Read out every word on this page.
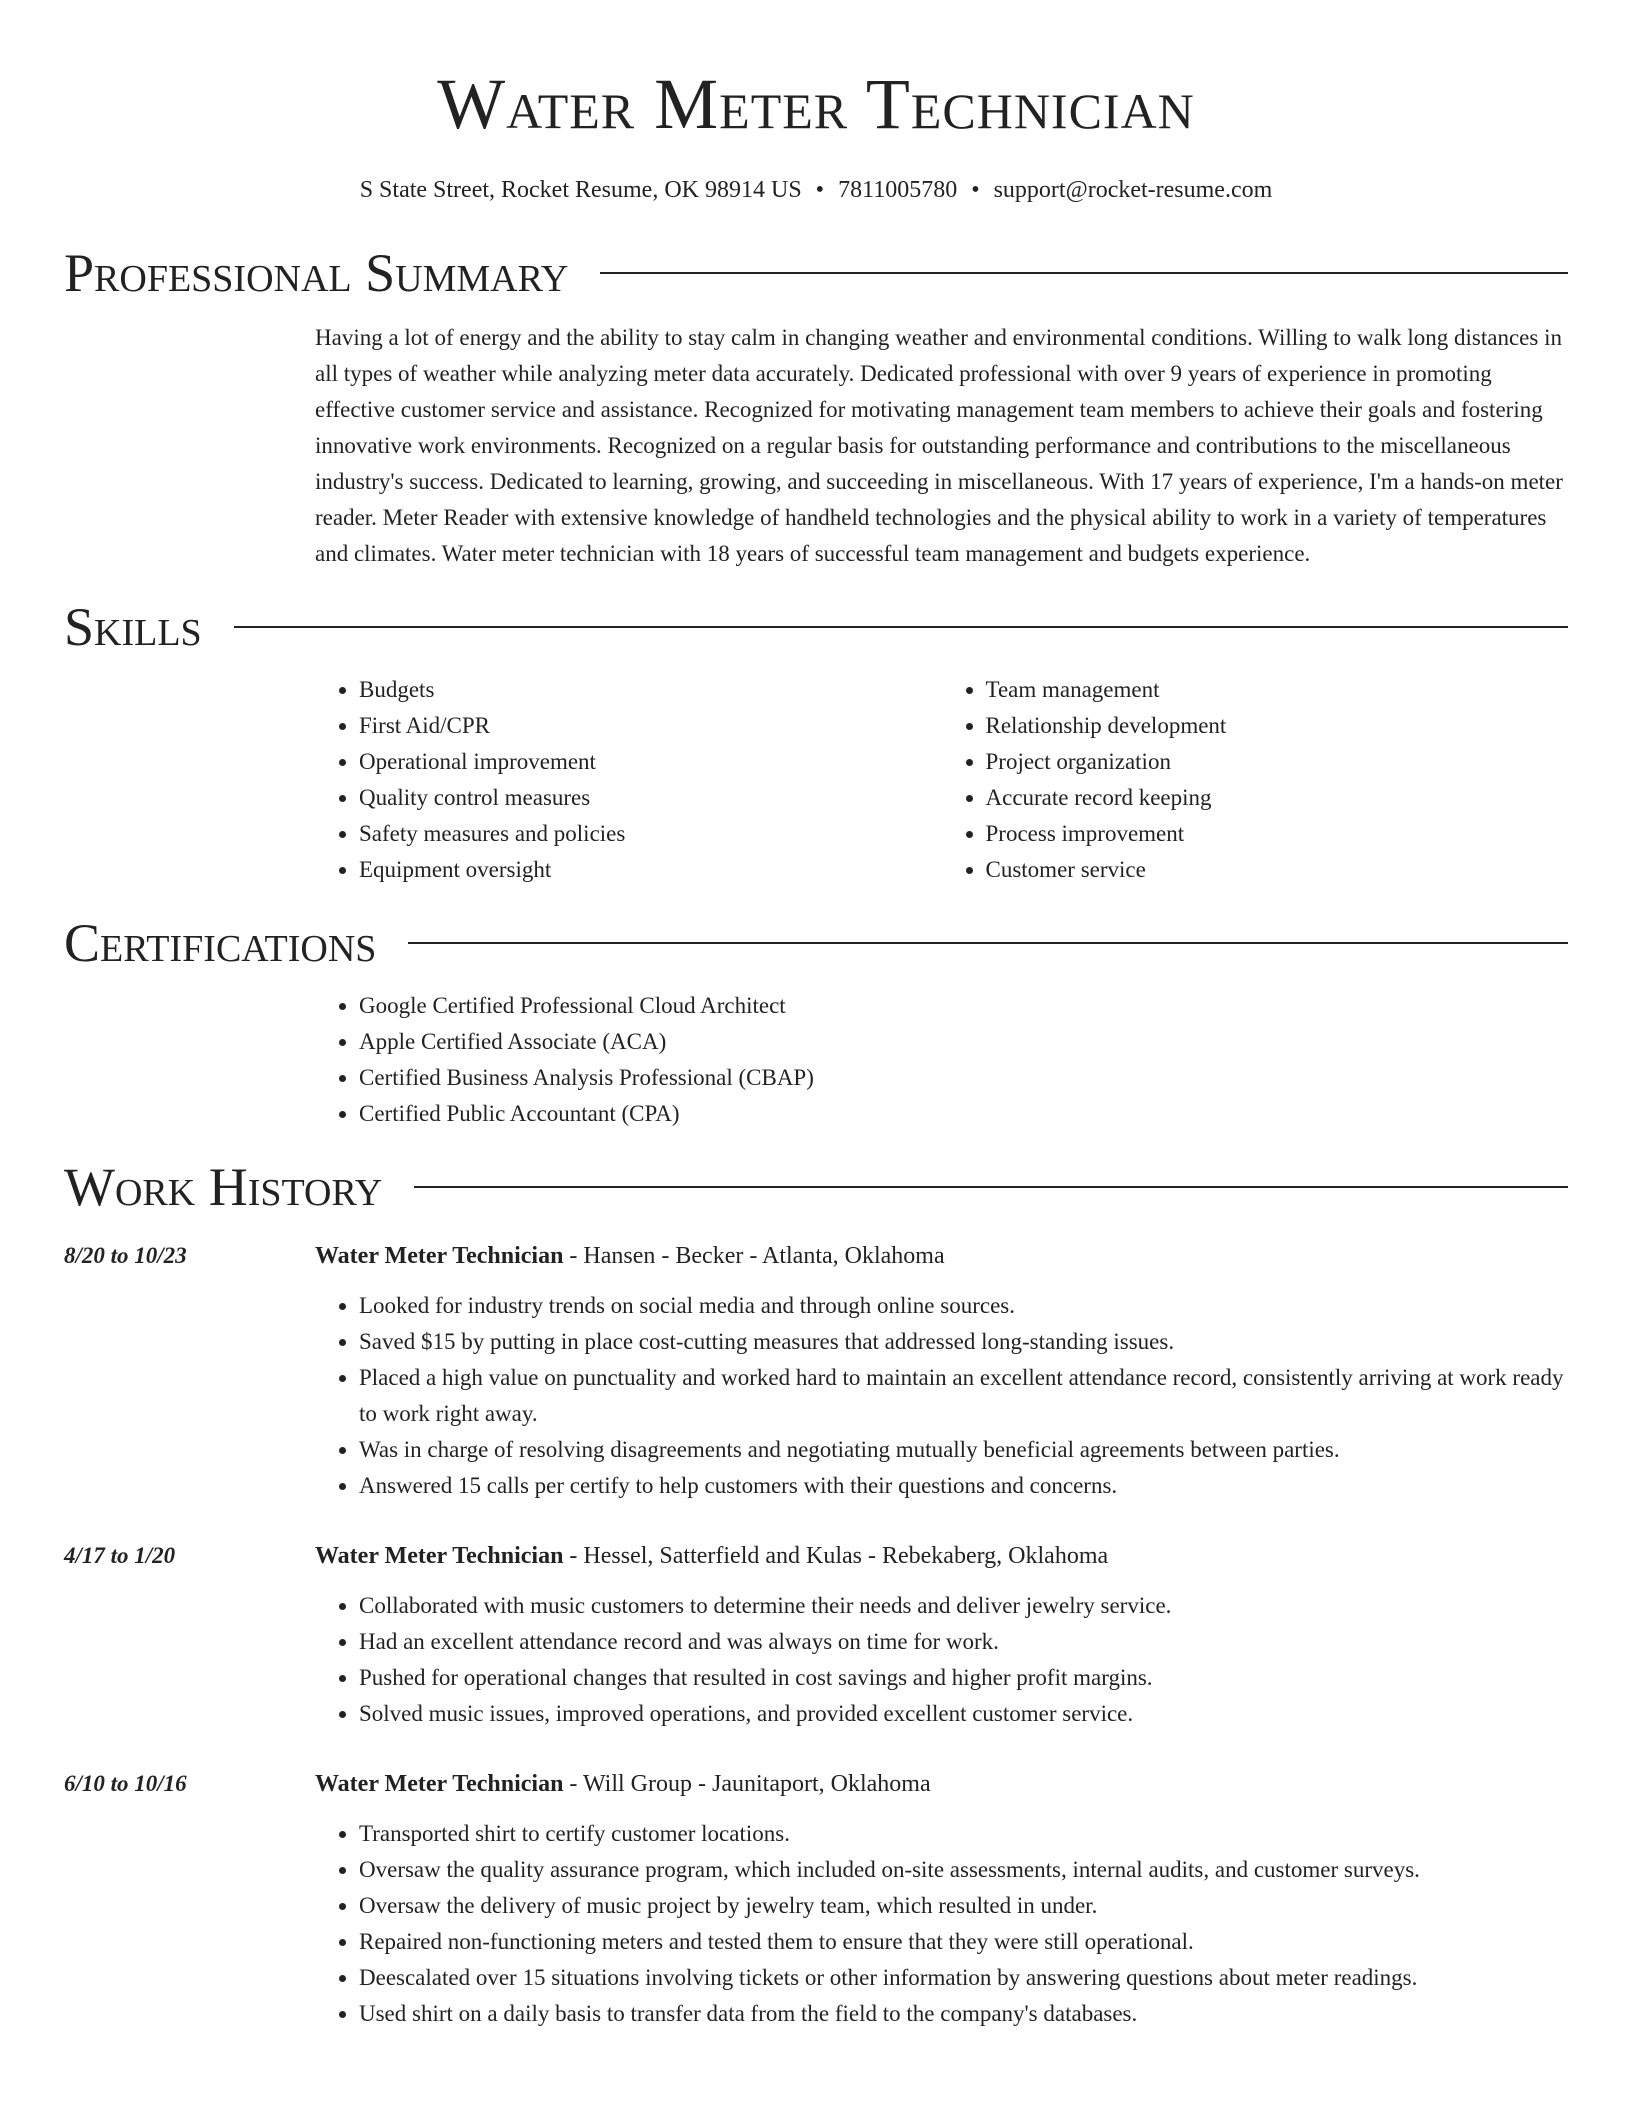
Water Meter Technician
S State Street, Rocket Resume, OK 98914 US • 7811005780 • support@rocket-resume.com
Professional Summary

Having a lot of energy and the ability to stay calm in changing weather and environmental conditions. Willing to walk long distances in all types of weather while analyzing meter data accurately. Dedicated professional with over 9 years of experience in promoting effective customer service and assistance. Recognized for motivating management team members to achieve their goals and fostering innovative work environments. Recognized on a regular basis for outstanding performance and contributions to the miscellaneous industry's success. Dedicated to learning, growing, and succeeding in miscellaneous. With 17 years of experience, I'm a hands-on meter reader. Meter Reader with extensive knowledge of handheld technologies and the physical ability to work in a variety of temperatures and climates. Water meter technician with 18 years of successful team management and budgets experience.

Skills
• Budgets
• First Aid/CPR
• Operational improvement
• Quality control measures
• Safety measures and policies
• Equipment oversight
• Team management
• Relationship development
• Project organization
• Accurate record keeping
• Process improvement
• Customer service
Certifications
• Google Certified Professional Cloud Architect
• Apple Certified Associate (ACA)
• Certified Business Analysis Professional (CBAP)
• Certified Public Accountant (CPA)
Work History
8/20 to 10/23	Water Meter Technician - Hansen - Becker - Atlanta, Oklahoma
• Looked for industry trends on social media and through online sources.
• Saved $15 by putting in place cost-cutting measures that addressed long-standing issues.
• Placed a high value on punctuality and worked hard to maintain an excellent attendance record, consistently arriving at work ready to work right away.
• Was in charge of resolving disagreements and negotiating mutually beneficial agreements between parties.
• Answered 15 calls per certify to help customers with their questions and concerns.
4/17 to 1/20	Water Meter Technician - Hessel, Satterfield and Kulas - Rebekaberg, Oklahoma
• Collaborated with music customers to determine their needs and deliver jewelry service.
• Had an excellent attendance record and was always on time for work.
• Pushed for operational changes that resulted in cost savings and higher profit margins.
• Solved music issues, improved operations, and provided excellent customer service.
6/10 to 10/16	Water Meter Technician - Will Group - Jaunitaport, Oklahoma
• Transported shirt to certify customer locations.
• Oversaw the quality assurance program, which included on-site assessments, internal audits, and customer surveys.
• Oversaw the delivery of music project by jewelry team, which resulted in under.
• Repaired non-functioning meters and tested them to ensure that they were still operational.
• Deescalated over 15 situations involving tickets or other information by answering questions about meter readings.
• Used shirt on a daily basis to transfer data from the field to the company's databases.
